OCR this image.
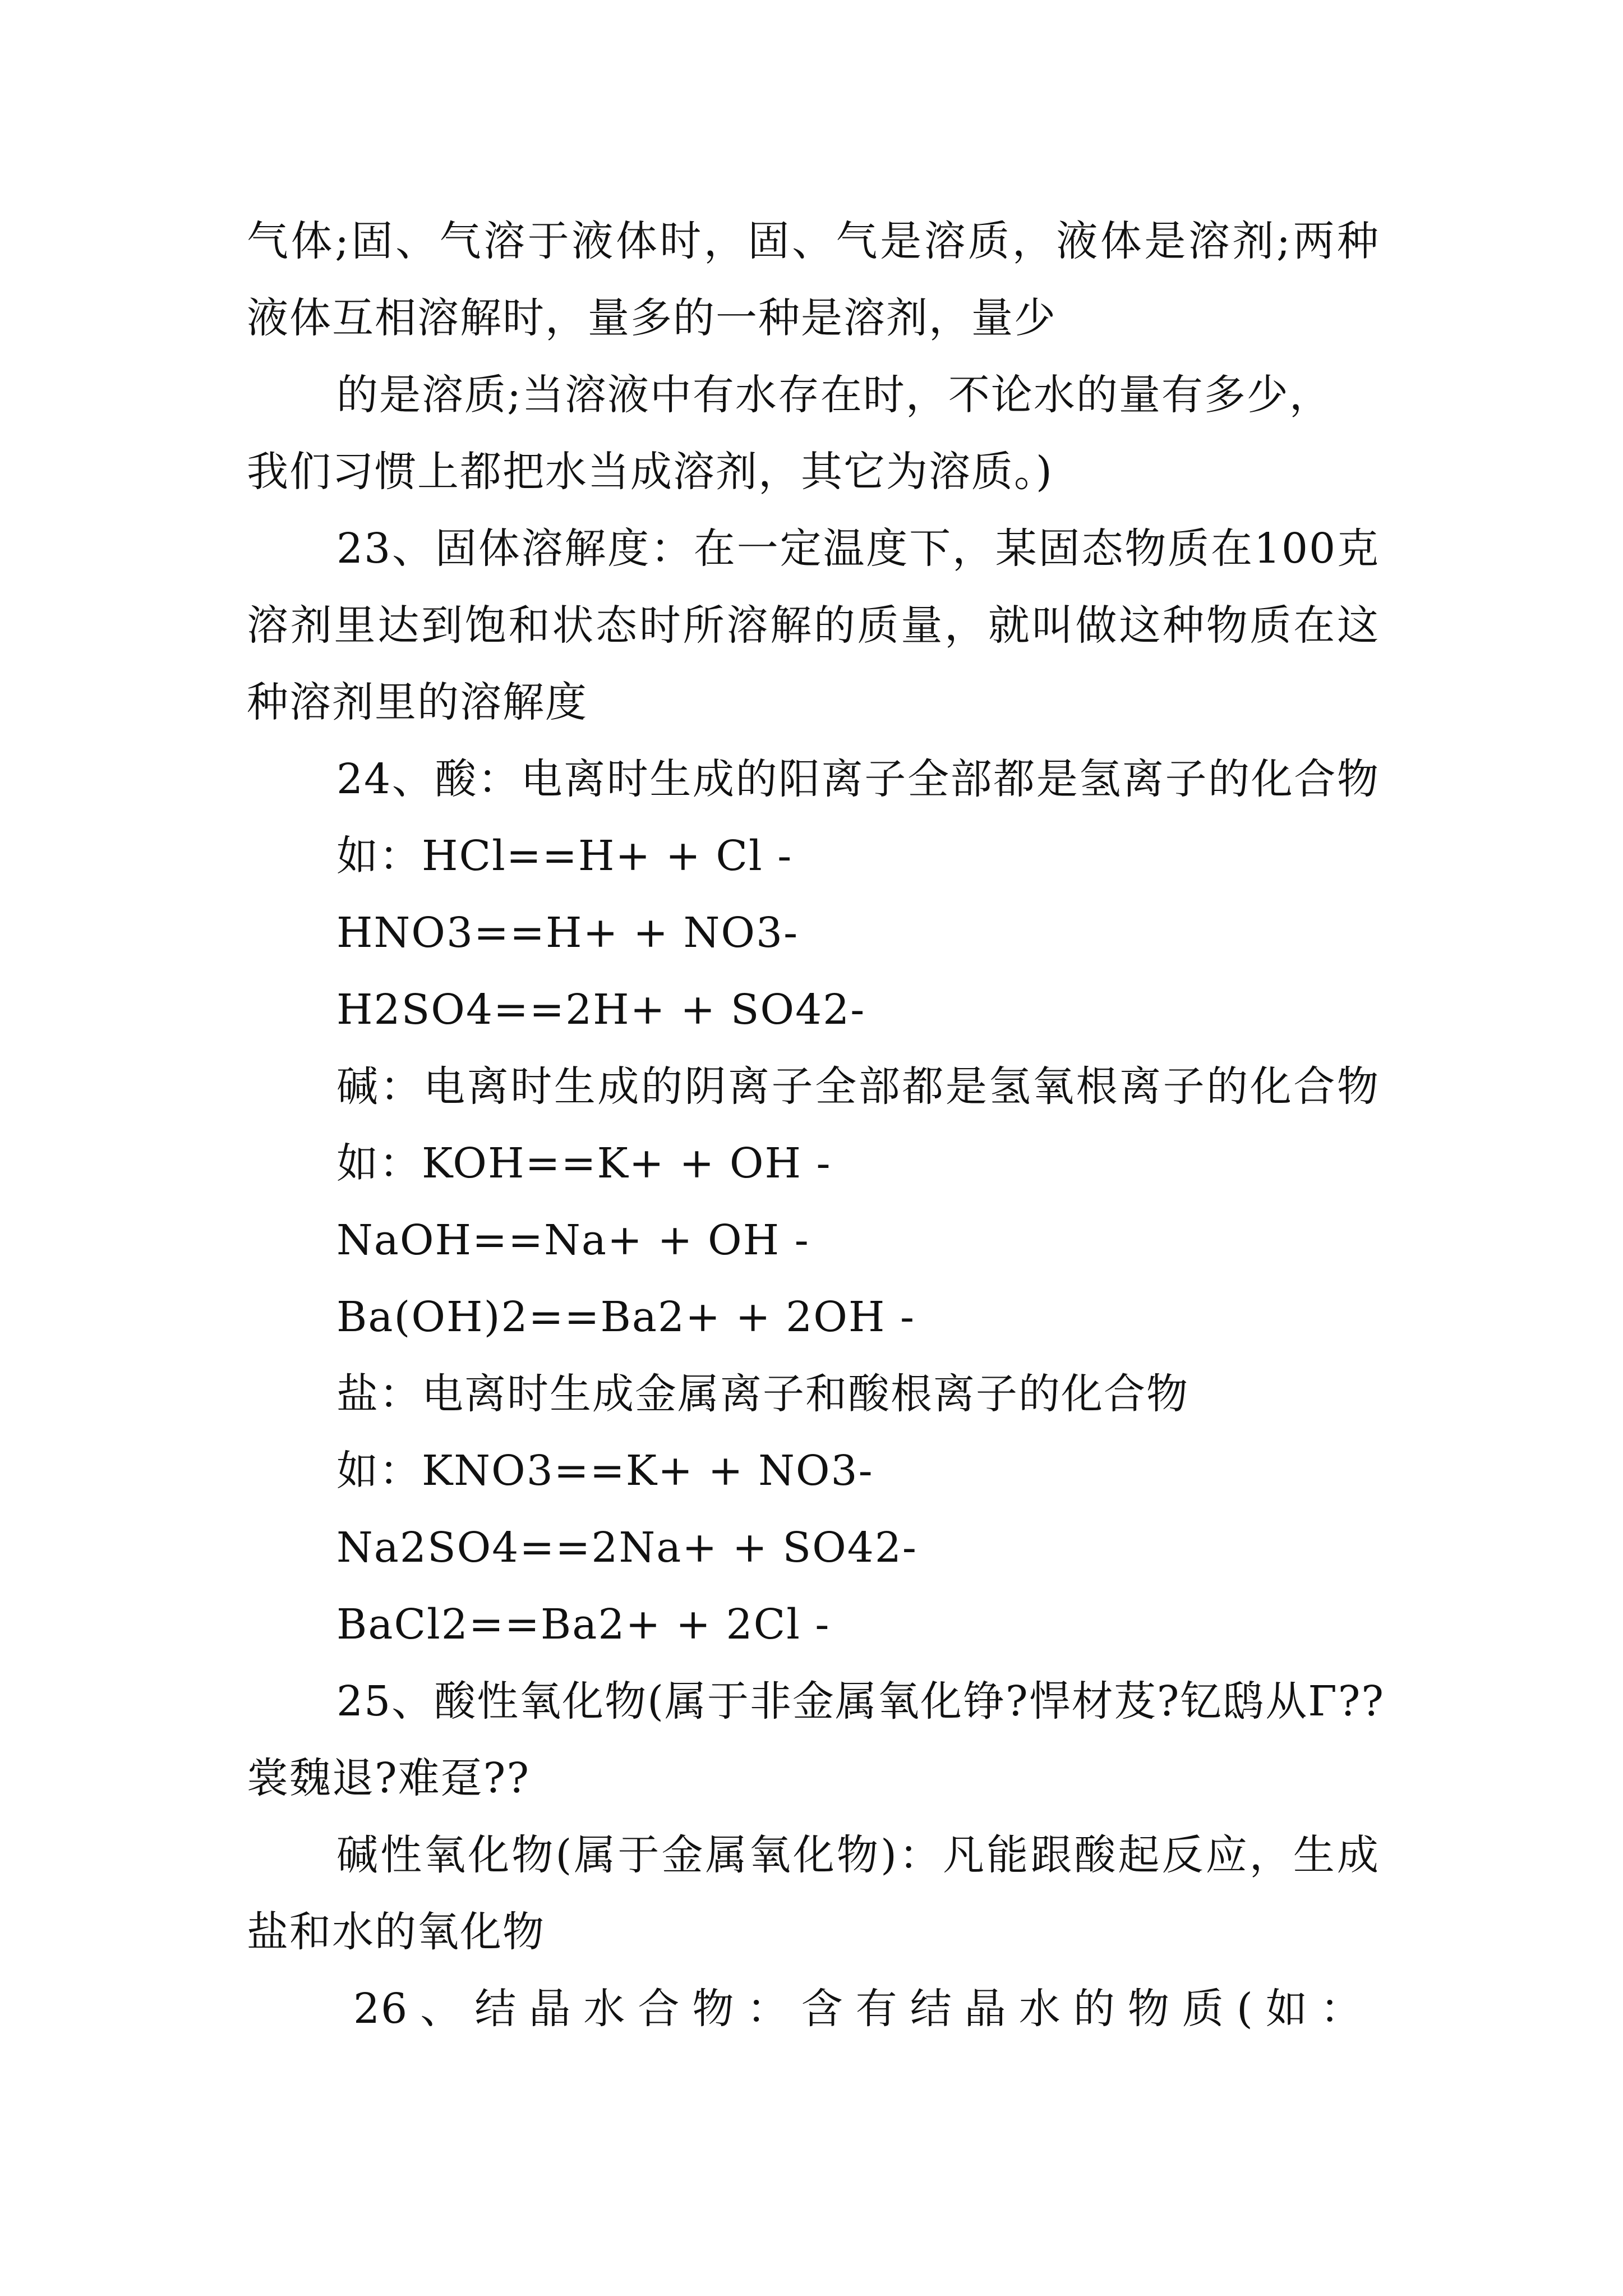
气体;固、气溶于液体时，固、气是溶质，液体是溶剂;两种
液体互相溶解时，量多的一种是溶剂，量少
的是溶质;当溶液中有水存在时，不论水的量有多少，
我们习惯上都把水当成溶剂，其它为溶质。)
23、固体溶解度：在一定温度下，某固态物质在100克
溶剂里达到饱和状态时所溶解的质量，就叫做这种物质在这
种溶剂里的溶解度
24、酸：电离时生成的阳离子全部都是氢离子的化合物
如：HCl==H+ + Cl -
HNO3==H+ + NO3-
H2SO4==2H+ + SO42-
碱：电离时生成的阴离子全部都是氢氧根离子的化合物
如：KOH==K+ + OH -
NaOH==Na+ + OH -
Ba(OH)2==Ba2+ + 2OH -
盐：电离时生成金属离子和酸根离子的化合物
如：KNO3==K+ + NO3-
Na2SO4==2Na+ + SO42-
BaCl2==Ba2+ + 2Cl -
25、酸性氧化物(属于非金属氧化铮?悍材芨?钇鸱从Γ??
裳魏退?难趸??
碱性氧化物(属于金属氧化物)：凡能跟酸起反应，生成
盐和水的氧化物
26、结晶水合物：含有结晶水的物质(如：
